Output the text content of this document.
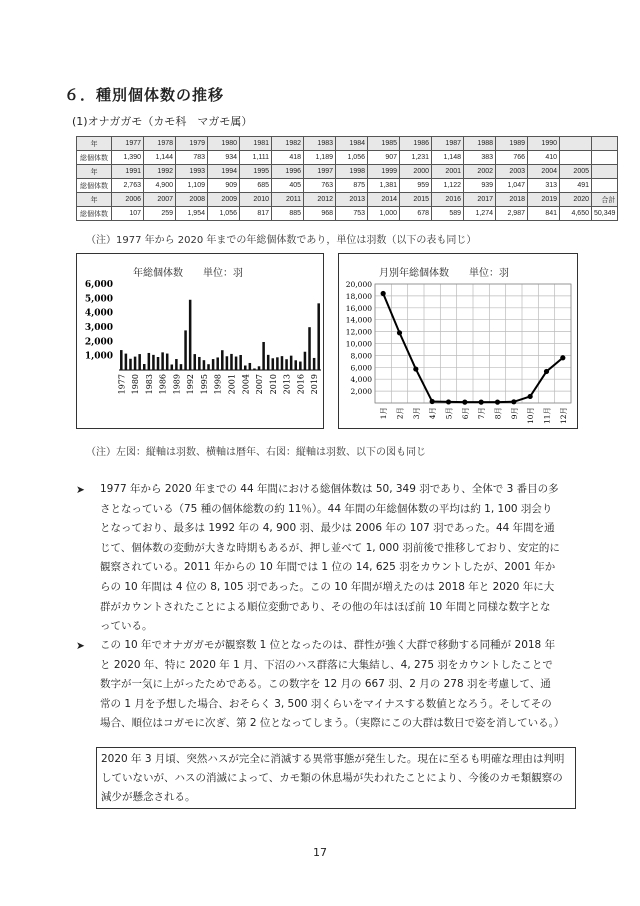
６．種別個体数の推移
(1)オナガガモ（カモ科　マガモ属）
年	1977	1978	1979	1980	1981	1982	1983	1984	1985	1986	1987	1988	1989	1990		
総個体数	1,390	1,144	783	934	1,111	418	1,189	1,056	907	1,231	1,148	383	766	410		
年	1991	1992	1993	1994	1995	1996	1997	1998	1999	2000	2001	2002	2003	2004	2005	
総個体数	2,763	4,900	1,109	909	685	405	763	875	1,381	959	1,122	939	1,047	313	491	
年	2006	2007	2008	2009	2010	2011	2012	2013	2014	2015	2016	2017	2018	2019	2020	合計
総個体数	107	259	1,954	1,056	817	885	968	753	1,000	678	589	1,274	2,987	841	4,650	50,349
（注）1977 年から 2020 年までの年総個体数であり，単位は羽数（以下の表も同じ）
年総個体数　　単位：羽
1,000
2,000
3,000
4,000
5,000
6,000
1977 1980 1983 1986 1989 1992 1995 1998 2001 2004 2007 2010 2013 2016 2019
月別年総個体数　　単位：羽
2,000
4,000
6,000
8,000
10,000
12,000
14,000
16,000
18,000
20,000
1月 2月 3月 4月 5月 6月 7月 8月 9月 10月 11月 12月
（注）左図：縦軸は羽数、横軸は暦年、右図：縦軸は羽数、以下の図も同じ
➤ 1977 年から 2020 年までの 44 年間における総個体数は 50, 349 羽であり、全体で 3 番目の多さとなっている（75 種の個体総数の約 11％）。44 年間の年総個体数の平均は約 1, 100 羽会りとなっており、最多は 1992 年の 4, 900 羽、最少は 2006 年の 107 羽であった。44 年間を通じて、個体数の変動が大きな時期もあるが、押し並べて 1, 000 羽前後で推移しており、安定的に観察されている。2011 年からの 10 年間では 1 位の 14, 625 羽をカウントしたが、2001 年からの 10 年間は 4 位の 8, 105 羽であった。この 10 年間が増えたのは 2018 年と 2020 年に大群がカウントされたことによる順位変動であり、その他の年はほぼ前 10 年間と同様な数字となっている。
➤ この 10 年でオナガガモが観察数 1 位となったのは、群性が強く大群で移動する同種が 2018 年と 2020 年、特に 2020 年 1 月、下沼のハス群落に大集結し、4, 275 羽をカウントしたことで数字が一気に上がったためである。この数字を 12 月の 667 羽、2 月の 278 羽を考慮して、通常の 1 月を予想した場合、おそらく 3, 500 羽くらいをマイナスする数値となろう。そしてその場合、順位はコガモに次ぎ、第 2 位となってしまう。（実際にこの大群は数日で姿を消している。）
2020 年 3 月頃、突然ハスが完全に消滅する異常事態が発生した。現在に至るも明確な理由は判明していないが、ハスの消滅によって、カモ類の休息場が失われたことにより、今後のカモ類観察の減少が懸念される。
17
